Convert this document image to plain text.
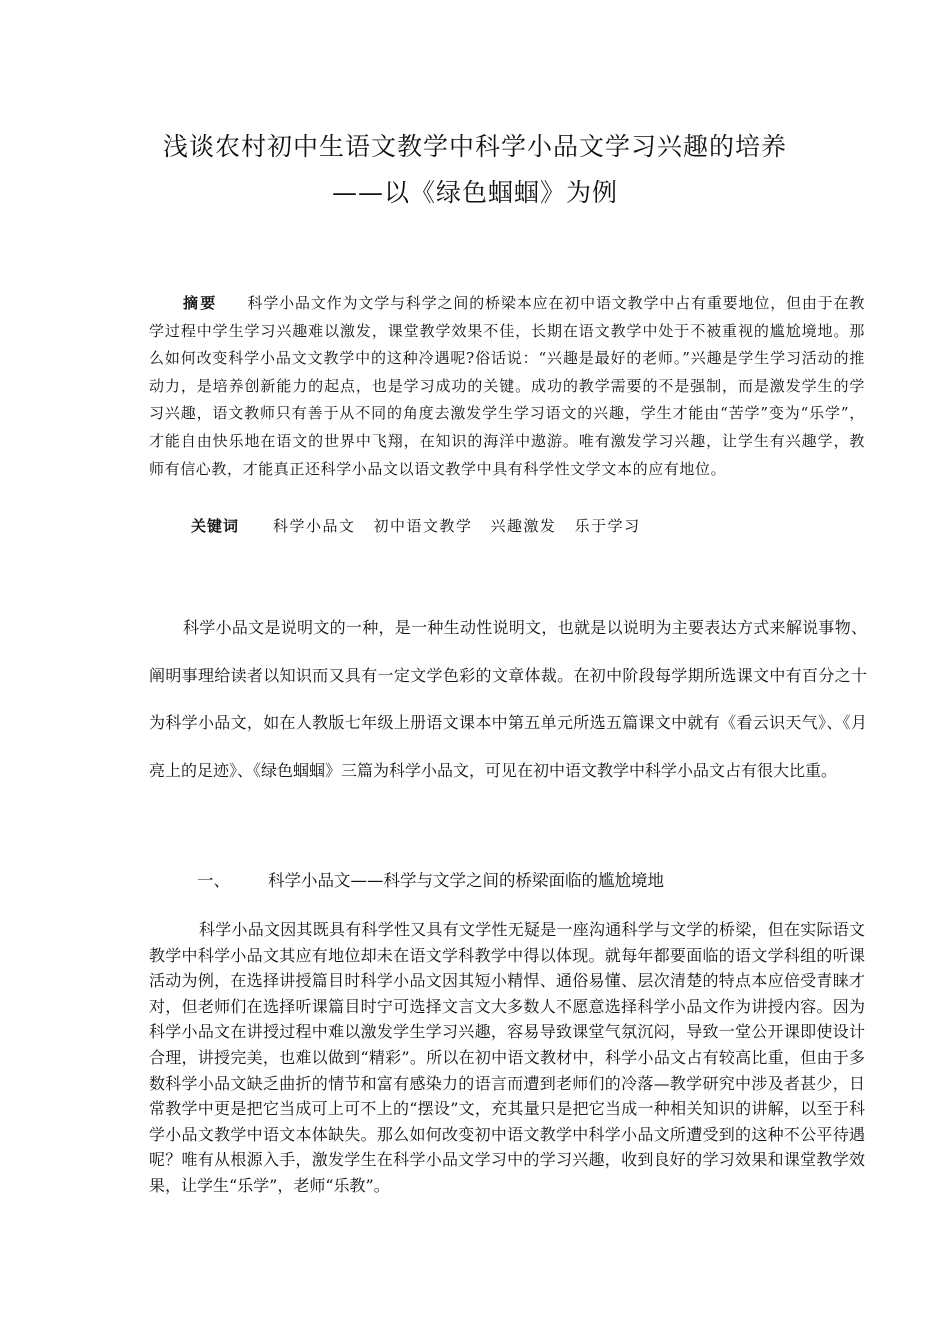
浅谈农村初中生语文教学中科学小品文学习兴趣的培养
——以《绿色蝈蝈》为例
摘要 科学小品文作为文学与科学之间的桥梁本应在初中语文教学中占有重要地位，但由于在教学过程中学生学习兴趣难以激发，课堂教学效果不佳，长期在语文教学中处于不被重视的尴尬境地。那么如何改变科学小品文文教学中的这种冷遇呢?俗话说：“兴趣是最好的老师。”兴趣是学生学习活动的推动力，是培养创新能力的起点，也是学习成功的关键。成功的教学需要的不是强制，而是激发学生的学习兴趣，语文教师只有善于从不同的角度去激发学生学习语文的兴趣，学生才能由“苦学”变为“乐学”，才能自由快乐地在语文的世界中飞翔，在知识的海洋中遨游。唯有激发学习兴趣，让学生有兴趣学，教师有信心教，才能真正还科学小品文以语文教学中具有科学性文学文本的应有地位。
关键词 科学小品文 初中语文教学 兴趣激发 乐于学习
科学小品文是说明文的一种，是一种生动性说明文，也就是以说明为主要表达方式来解说事物、阐明事理给读者以知识而又具有一定文学色彩的文章体裁。在初中阶段每学期所选课文中有百分之十为科学小品文，如在人教版七年级上册语文课本中第五单元所选五篇课文中就有《看云识天气》、《月亮上的足迹》、《绿色蝈蝈》三篇为科学小品文，可见在初中语文教学中科学小品文占有很大比重。
一、 科学小品文——科学与文学之间的桥梁面临的尴尬境地
科学小品文因其既具有科学性又具有文学性无疑是一座沟通科学与文学的桥梁，但在实际语文教学中科学小品文其应有地位却未在语文学科教学中得以体现。就每年都要面临的语文学科组的听课活动为例，在选择讲授篇目时科学小品文因其短小精悍、通俗易懂、层次清楚的特点本应倍受青睐才对，但老师们在选择听课篇目时宁可选择文言文大多数人不愿意选择科学小品文作为讲授内容。因为科学小品文在讲授过程中难以激发学生学习兴趣，容易导致课堂气氛沉闷，导致一堂公开课即使设计合理，讲授完美，也难以做到“精彩”。所以在初中语文教材中，科学小品文占有较高比重，但由于多数科学小品文缺乏曲折的情节和富有感染力的语言而遭到老师们的冷落—教学研究中涉及者甚少，日常教学中更是把它当成可上可不上的“摆设”文，充其量只是把它当成一种相关知识的讲解，以至于科学小品文教学中语文本体缺失。那么如何改变初中语文教学中科学小品文所遭受到的这种不公平待遇呢？唯有从根源入手，激发学生在科学小品文学习中的学习兴趣，收到良好的学习效果和课堂教学效果，让学生“乐学”，老师“乐教”。
